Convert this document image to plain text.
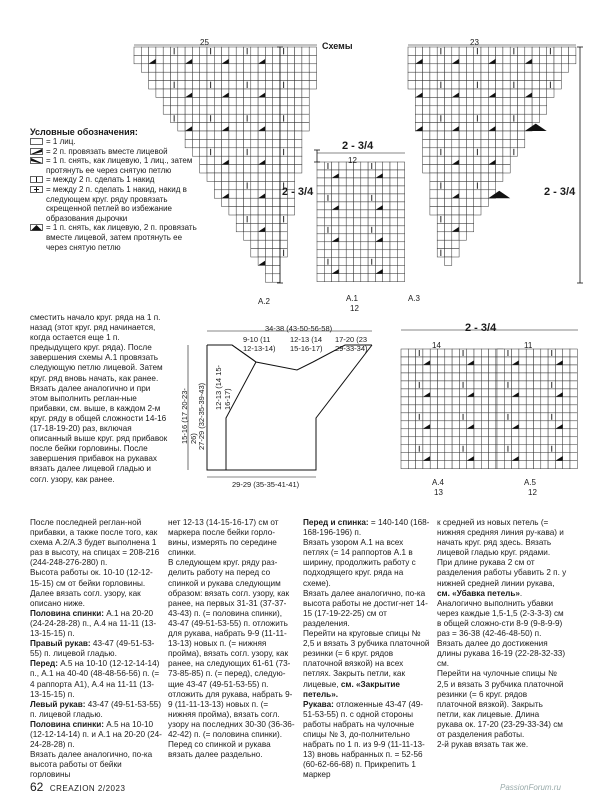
Схемы
25	23
2 - 3/4
12
2 - 3/4
2 - 3/4
A.2	A.1
12
A.3
2 - 3/4
14	11
A.4
13
A.5
12
Условные обозначения:
= 1 лиц.
= 2 п. провязать вместе лицевой
= 1 п. снять, как лицевую, 1 лиц., затем протянуть ее через снятую петлю
= между 2 п. сделать 1 накид
= между 2 п. сделать 1 накид, накид в следующем круг. ряду провязать скрещенной петлей во избежание образования дырочки
= 1 п. снять, как лицевую, 2 п. провязать вместе лицевой, затем протянуть ее через снятую петлю
34-38 (43-50-56-58)
9-10 (11 12-13-14)
12-13 (14 15-16-17)
17-20 (23 29-33-34)
15-16 (17 20-23-26) 27-29 (32-35-39-43) 12-13 (14 15-16-17)
29-29 (35-35-41-41)

сместить начало круг. ряда на 1 п. назад (этот круг. ряд начинается, когда остается еще 1 п. предыдущего круг. ряда). После завершения схемы А.1 провязать следующую петлю лицевой. Затем круг. ряд вновь начать, как ранее.

Вязать далее аналогично и при этом выполнить реглан-ные прибавки, см. выше, в каждом 2-м круг. ряду в общей сложности 14-16 (17-18-19-20) раз, включая описанный выше круг. ряд прибавок после бейки горловины. После завершения прибавок на рукавах вязать далее лицевой гладью и согл. узору, как ранее.

После последней реглан-ной прибавки, а также после того, как схема А.2/А.3 будет выполнена 1 раз в высоту, на спицах = 208-216 (244-248-276-280) п.

Высота работы ок. 10-10 (12-12-15-15) см от бейки горловины. Далее вязать согл. узору, как описано ниже.

Половина спинки: А.1 на 20-20 (24-24-28-28) п., А.4 на 11-11 (13-13-15-15) п.

Правый рукав: 43-47 (49-51-53-55) п. лицевой гладью.

Перед: А.5 на 10-10 (12-12-14-14) п., А.1 на 40-40 (48-48-56-56) п. (= 4 раппорта А1), А.4 на 11-11 (13-13-15-15) п.

Левый рукав: 43-47 (49-51-53-55) п. лицевой гладью.

Половина спинки: А.5 на 10-10 (12-12-14-14) п. и А.1 на 20-20 (24-24-28-28) п.

Вязать далее аналогично, по-ка высота работы от бейки горловины

нет 12-13 (14-15-16-17) см от маркера после бейки горло-вины, измерять по середине спинки.

В следующем круг. ряду раз-делить работу на перед со спинкой и рукава следующим образом: вязать согл. узору, как ранее, на первых 31-31 (37-37-43-43) п. (= половина спинки), 43-47 (49-51-53-55) п. отложить для рукава, набрать 9-9 (11-11-13-13) новых п. (= нижняя пройма), вязать согл. узору, как ранее, на следующих 61-61 (73-73-85-85) п. (= перед), следую-щие 43-47 (49-51-53-55) п. отложить для рукава, набрать 9-9 (11-11-13-13) новых п. (= нижняя пройма), вязать согл. узору на последних 30-30 (36-36-42-42) п. (= половина спинки).

Перед со спинкой и рукава вязать далее раздельно.

Перед и спинка: = 140-140 (168-168-196-196) п.

Вязать узором А.1 на всех петлях (= 14 раппортов А.1 в ширину, продолжить работу с подходящего круг. ряда на схеме).

Вязать далее аналогично, по-ка высота работы не достиг-нет 14-15 (17-19-22-25) см от разделения.

Перейти на круговые спицы № 2,5 и вязать 3 рубчика платочной резинки (= 6 круг. рядов платочной вязкой) на всех петлях. Закрыть петли, как лицевые, см. «Закрытие петель».

Рукава: отложенные 43-47 (49-51-53-55) п. с одной стороны работы набрать на чулочные спицы № 3, до-полнительно набрать по 1 п. из 9-9 (11-11-13-13) вновь набранных п. = 52-56 (60-62-66-68) п. Прикрепить 1 маркер

к средней из новых петель (= нижняя средняя линия ру-кава) и начать круг. ряд здесь. Вязать лицевой гладью круг. рядами.

При длине рукава 2 см от разделения работы убавить 2 п. у нижней средней линии рукава, см. «Убавка петель». Аналогично выполнить убавки через каждые 1,5-1,5 (2-3-3-3) см в общей сложно-сти 8-9 (9-8-9-9) раз = 36-38 (42-46-48-50) п.

Вязать далее до достижения длины рукава 16-19 (22-28-32-33) см.

Перейти на чулочные спицы № 2,5 и вязать 3 рубчика платочной резинки (= 6 круг. рядов платочной вязкой). Закрыть петли, как лицевые. Длина рукава ок. 17-20 (23-29-33-34) см от разделения работы.

2-й рукав вязать так же.

62 CREAZION 2/2023	PassionForum.ru
